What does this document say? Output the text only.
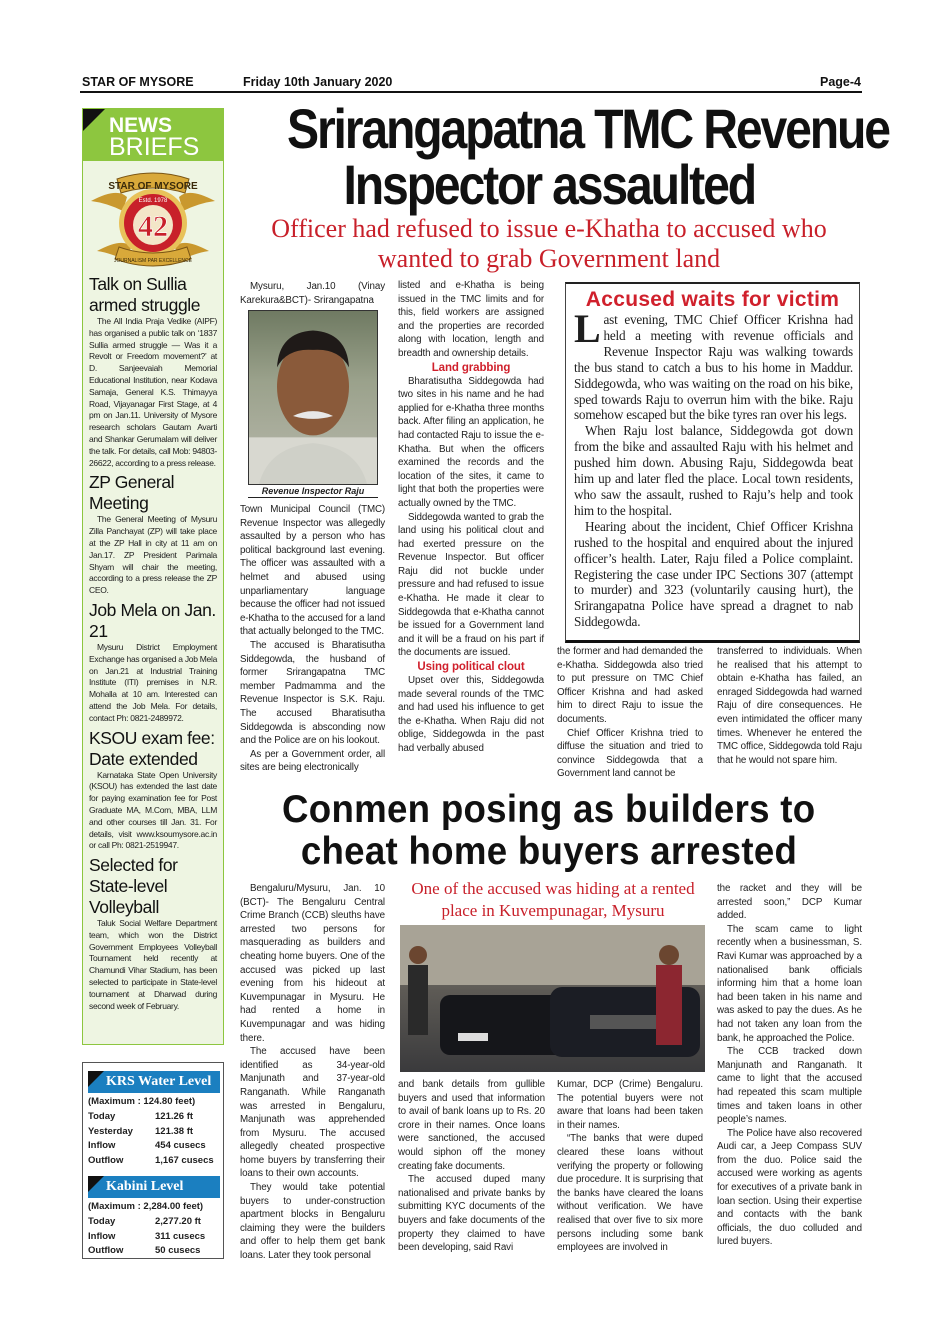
STAR OF MYSORE	Friday 10th January 2020	Page-4
NEWS
BRIEFS
STAR OF MYSORE
Estd. 1978
42
JOURNALISM PAR EXCELLENCE
Talk on Sullia armed struggle

The All India Praja Vedike (AIPF) has organised a public talk on ‘1837 Sullia armed struggle — Was it a Revolt or Freedom movement?’ at D. Sanjeevaiah Memorial Educational Institution, near Kodava Samaja, General K.S. Thimayya Road, Vijayanagar First Stage, at 4 pm on Jan.11. University of Mysore research scholars Gautam Avarti and Shankar Gerumalam will deliver the talk. For details, call Mob: 94803-26622, according to a press release.

ZP General Meeting

The General Meeting of Mysuru Zilla Panchayat (ZP) will take place at the ZP Hall in city at 11 am on Jan.17. ZP President Parimala Shyam will chair the meeting, according to a press release the ZP CEO.

Job Mela on Jan. 21

Mysuru District Employment Exchange has organised a Job Mela on Jan.21 at Industrial Training Institute (ITI) premises in N.R. Mohalla at 10 am. Interested can attend the Job Mela. For details, contact Ph: 0821-2489972.

KSOU exam fee: Date extended

Karnataka State Open University (KSOU) has extended the last date for paying examination fee for Post Graduate MA, M.Com, MBA, LLM and other courses till Jan. 31. For details, visit www.ksoumysore.ac.in or call Ph: 0821-2519947.

Selected for State-level Volleyball

Taluk Social Welfare Department team, which won the District Government Employees Volleyball Tournament held recently at Chamundi Vihar Stadium, has been selected to participate in State-level tournament at Dharwad during second week of February.

KRS Water Level
(Maximum : 124.80 feet)
Today	121.26 ft
Yesterday 121.38 ft
Inflow	454 cusecs
Outflow	1,167 cusecs
Kabini Level
(Maximum : 2,284.00 feet)
Today	2,277.20 ft
Inflow	311 cusecs
Outflow	50 cusecs
Srirangapatna TMC Revenue
Inspector assaulted
Officer had refused to issue e-Khatha to accused who wanted to grab Government land

Mysuru, Jan.10 (Vinay Karekura&BCT)- Srirangapatna

Revenue Inspector Raju

Town Municipal Council (TMC) Revenue Inspector was allegedly assaulted by a person who has political background last evening. The officer was assaulted with a helmet and abused using unparliamentary language because the officer had not issued e-Khatha to the accused for a land that actually belonged to the TMC.

The accused is Bharatisutha Siddegowda, the husband of former Srirangapatna TMC member Padmamma and the Revenue Inspector is S.K. Raju. The accused Bharatisutha Siddegowda is absconding now and the Police are on his lookout.

As per a Government order, all sites are being electronically

listed and e-Khatha is being issued in the TMC limits and for this, field workers are assigned and the properties are recorded along with location, length and breadth and ownership details.

Land grabbing

Bharatisutha Siddegowda had two sites in his name and he had applied for e-Khatha three months back. After filing an application, he had contacted Raju to issue the e-Khatha. But when the officers examined the records and the location of the sites, it came to light that both the properties were actually owned by the TMC.

Siddegowda wanted to grab the land using his political clout and had exerted pressure on the Revenue Inspector. But officer Raju did not buckle under pressure and had refused to issue e-Khatha. He made it clear to Siddegowda that e-Khatha cannot be issued for a Government land and it will be a fraud on his part if the documents are issued.

Using political clout

Upset over this, Siddegowda made several rounds of the TMC and had used his influence to get the e-Khatha. When Raju did not oblige, Siddegowda in the past had verbally abused

Accused waits for victim

Last evening, TMC Chief Officer Krishna had held a meeting with revenue officials and Revenue Inspector Raju was walking towards the bus stand to catch a bus to his home in Maddur. Siddegowda, who was waiting on the road on his bike, sped towards Raju to overrun him with the bike. Raju somehow escaped but the bike tyres ran over his legs.

When Raju lost balance, Siddegowda got down from the bike and assaulted Raju with his helmet and pushed him down. Abusing Raju, Siddegowda beat him up and later fled the place. Local town residents, who saw the assault, rushed to Raju’s help and took him to the hospital.

Hearing about the incident, Chief Officer Krishna rushed to the hospital and enquired about the injured officer’s health. Later, Raju filed a Police complaint. Registering the case under IPC Sections 307 (attempt to murder) and 323 (voluntarily causing hurt), the Srirangapatna Police have spread a dragnet to nab Siddegowda.

the former and had demanded the e-Khatha. Siddegowda also tried to put pressure on TMC Chief Officer Krishna and had asked him to direct Raju to issue the documents.

Chief Officer Krishna tried to diffuse the situation and tried to convince Siddegowda that a Government land cannot be

transferred to individuals. When he realised that his attempt to obtain e-Khatha has failed, an enraged Siddegowda had warned Raju of dire consequences. He even intimidated the officer many times. Whenever he entered the TMC office, Siddegowda told Raju that he would not spare him.

Conmen posing as builders to
cheat home buyers arrested

Bengaluru/Mysuru, Jan. 10 (BCT)- The Bengaluru Central Crime Branch (CCB) sleuths have arrested two persons for masquerading as builders and cheating home buyers. One of the accused was picked up last evening from his hideout at Kuvempunagar in Mysuru. He had rented a home in Kuvempunagar and was hiding there.

The accused have been identified as 34-year-old Manjunath and 37-year-old Ranganath. While Ranganath was arrested in Bengaluru, Manjunath was apprehended from Mysuru. The accused allegedly cheated prospective home buyers by transferring their loans to their own accounts.

They would take potential buyers to under-construction apartment blocks in Bengaluru claiming they were the builders and offer to help them get bank loans. Later they took personal

One of the accused was hiding at a rented place in Kuvempunagar, Mysuru

and bank details from gullible buyers and used that information to avail of bank loans up to Rs. 20 crore in their names. Once loans were sanctioned, the accused would siphon off the money creating fake documents.

The accused duped many nationalised and private banks by submitting KYC documents of the buyers and fake documents of the property they claimed to have been developing, said Ravi

Kumar, DCP (Crime) Bengaluru. The potential buyers were not aware that loans had been taken in their names.

“The banks that were duped cleared these loans without verifying the property or following due procedure. It is surprising that the banks have cleared the loans without verification. We have realised that over five to six more persons including some bank employees are involved in

the racket and they will be arrested soon,” DCP Kumar added.

The scam came to light recently when a businessman, S. Ravi Kumar was approached by a nationalised bank officials informing him that a home loan had been taken in his name and was asked to pay the dues. As he had not taken any loan from the bank, he approached the Police.

The CCB tracked down Manjunath and Ranganath. It came to light that the accused had repeated this scam multiple times and taken loans in other people’s names.

The Police have also recovered Audi car, a Jeep Compass SUV from the duo. Police said the accused were working as agents for executives of a private bank in loan section. Using their expertise and contacts with the bank officials, the duo colluded and lured buyers.
